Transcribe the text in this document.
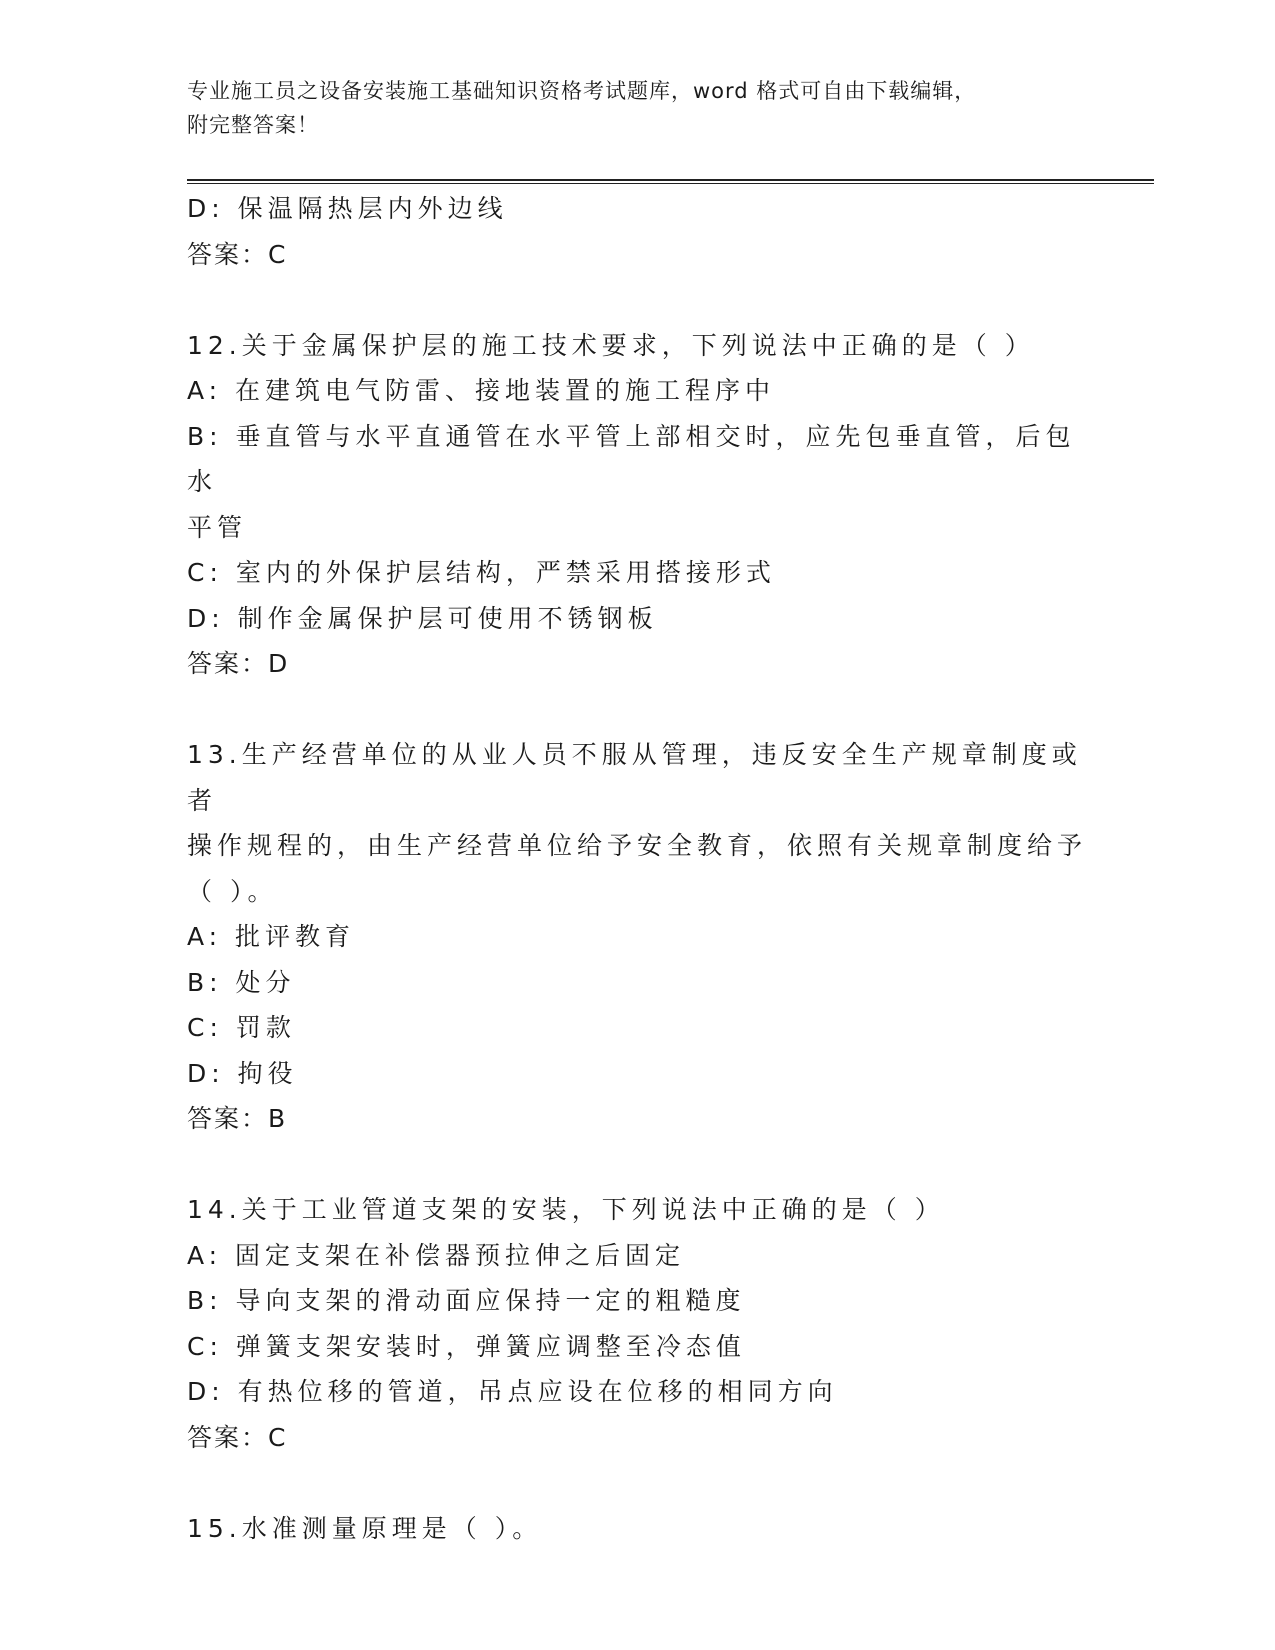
专业施工员之设备安装施工基础知识资格考试题库，word 格式可自由下载编辑，
附完整答案！
D: 保温隔热层内外边线
答案：C
12.关于金属保护层的施工技术要求，下列说法中正确的是（ ）
A: 在建筑电气防雷、接地装置的施工程序中
B: 垂直管与水平直通管在水平管上部相交时，应先包垂直管，后包水
平管
C: 室内的外保护层结构，严禁采用搭接形式
D: 制作金属保护层可使用不锈钢板
答案：D
13.生产经营单位的从业人员不服从管理，违反安全生产规章制度或者
操作规程的，由生产经营单位给予安全教育，依照有关规章制度给予
（ ）。
A: 批评教育
B: 处分
C: 罚款
D: 拘役
答案：B
14.关于工业管道支架的安装，下列说法中正确的是（ ）
A: 固定支架在补偿器预拉伸之后固定
B: 导向支架的滑动面应保持一定的粗糙度
C: 弹簧支架安装时，弹簧应调整至冷态值
D: 有热位移的管道，吊点应设在位移的相同方向
答案：C
15.水准测量原理是（ ）。
